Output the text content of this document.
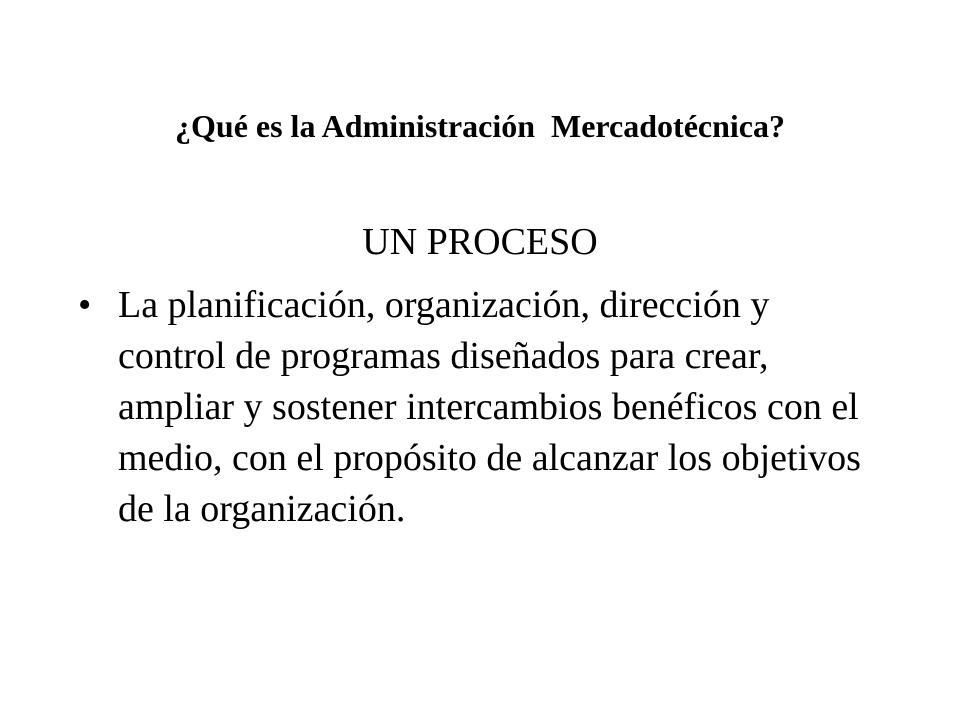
¿Qué es la Administración  Mercadotécnica?
UN PROCESO
• La planificación, organización, dirección y control de programas diseñados para crear, ampliar y sostener intercambios benéficos con el medio, con el propósito de alcanzar los objetivos de la organización.
